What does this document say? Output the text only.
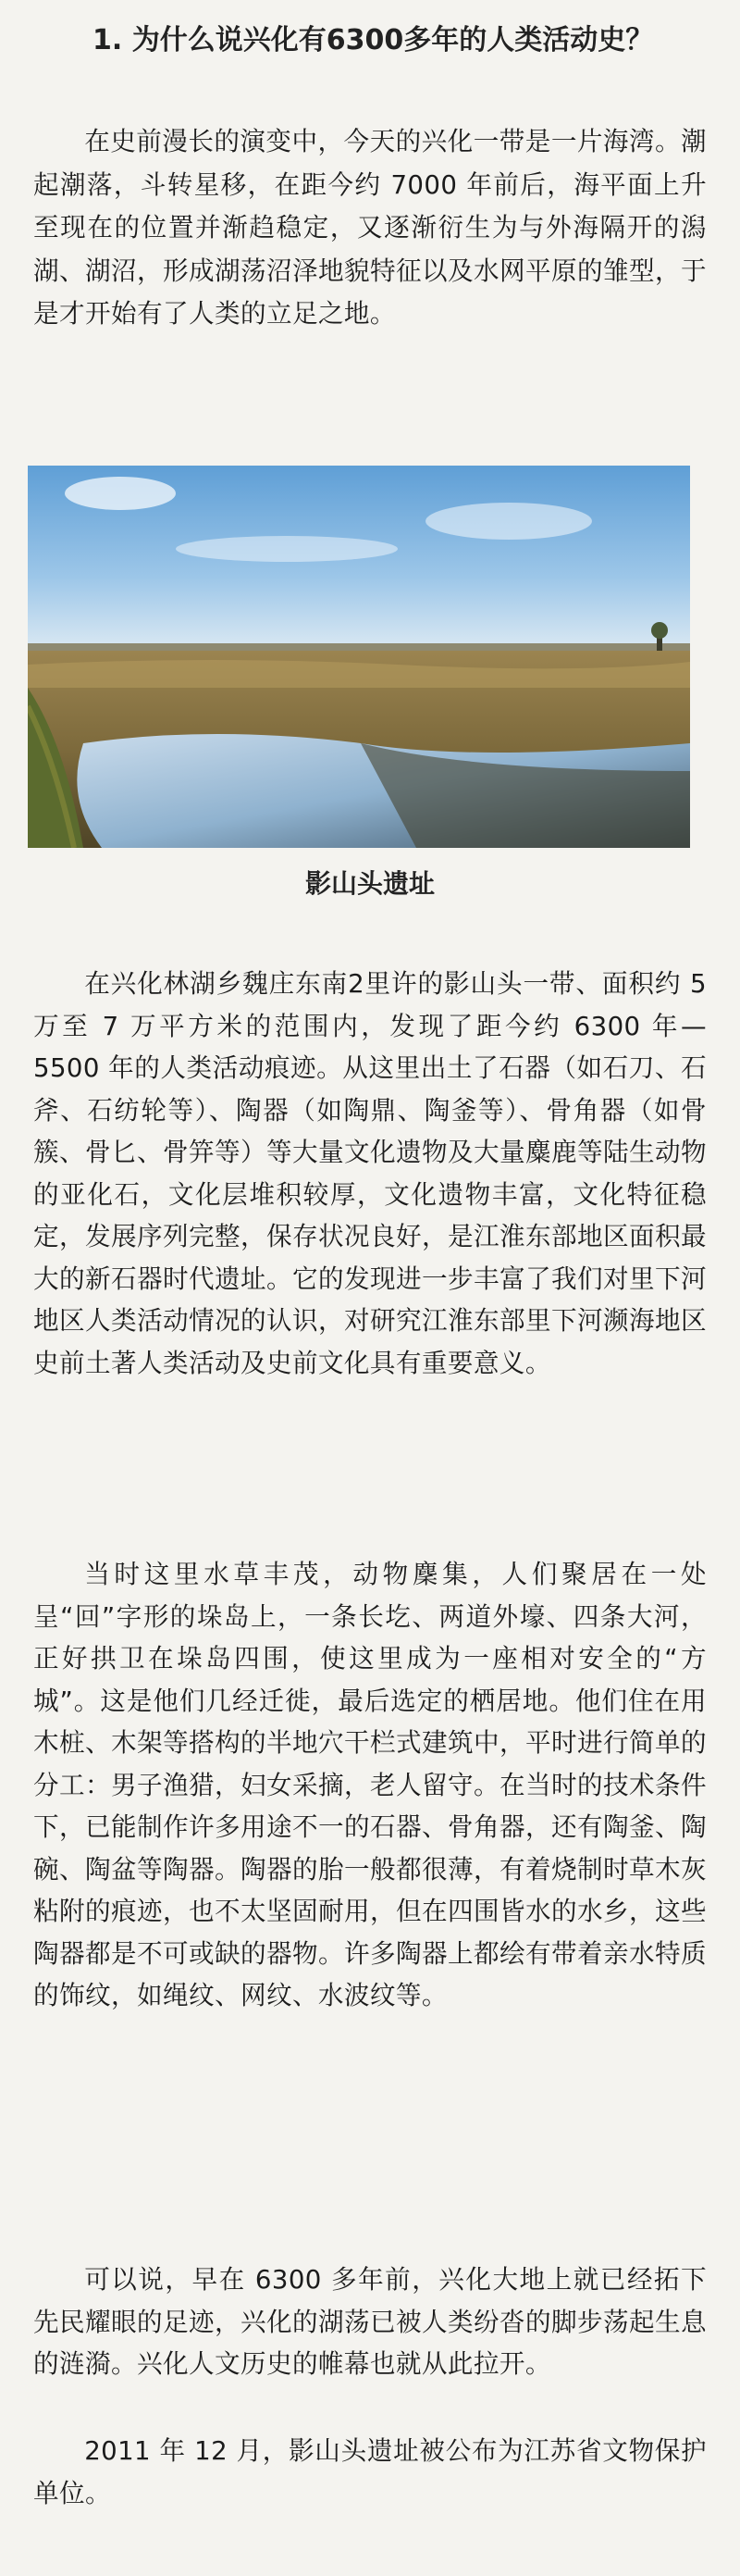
1. 为什么说兴化有6300多年的人类活动史？

在史前漫长的演变中，今天的兴化一带是一片海湾。潮起潮落，斗转星移，在距今约 7000 年前后，海平面上升至现在的位置并渐趋稳定，又逐渐衍生为与外海隔开的潟湖、湖沼，形成湖荡沼泽地貌特征以及水网平原的雏型，于是才开始有了人类的立足之地。

影山头遗址

在兴化林湖乡魏庄东南2里许的影山头一带、面积约 5 万至 7 万平方米的范围内，发现了距今约 6300 年—5500 年的人类活动痕迹。从这里出土了石器（如石刀、石斧、石纺轮等）、陶器（如陶鼎、陶釜等）、骨角器（如骨簇、骨匕、骨笄等）等大量文化遗物及大量麋鹿等陆生动物的亚化石，文化层堆积较厚，文化遗物丰富，文化特征稳定，发展序列完整，保存状况良好，是江淮东部地区面积最大的新石器时代遗址。它的发现进一步丰富了我们对里下河地区人类活动情况的认识，对研究江淮东部里下河濒海地区史前土著人类活动及史前文化具有重要意义。

当时这里水草丰茂，动物麇集，人们聚居在一处呈“回”字形的垛岛上，一条长圪、两道外壕、四条大河，正好拱卫在垛岛四围，使这里成为一座相对安全的“方城”。这是他们几经迁徙，最后选定的栖居地。他们住在用木桩、木架等搭构的半地穴干栏式建筑中，平时进行简单的分工：男子渔猎，妇女采摘，老人留守。在当时的技术条件下，已能制作许多用途不一的石器、骨角器，还有陶釜、陶碗、陶盆等陶器。陶器的胎一般都很薄，有着烧制时草木灰粘附的痕迹，也不太坚固耐用，但在四围皆水的水乡，这些陶器都是不可或缺的器物。许多陶器上都绘有带着亲水特质的饰纹，如绳纹、网纹、水波纹等。

可以说，早在 6300 多年前，兴化大地上就已经拓下先民耀眼的足迹，兴化的湖荡已被人类纷沓的脚步荡起生息的涟漪。兴化人文历史的帷幕也就从此拉开。

2011 年 12 月，影山头遗址被公布为江苏省文物保护单位。
